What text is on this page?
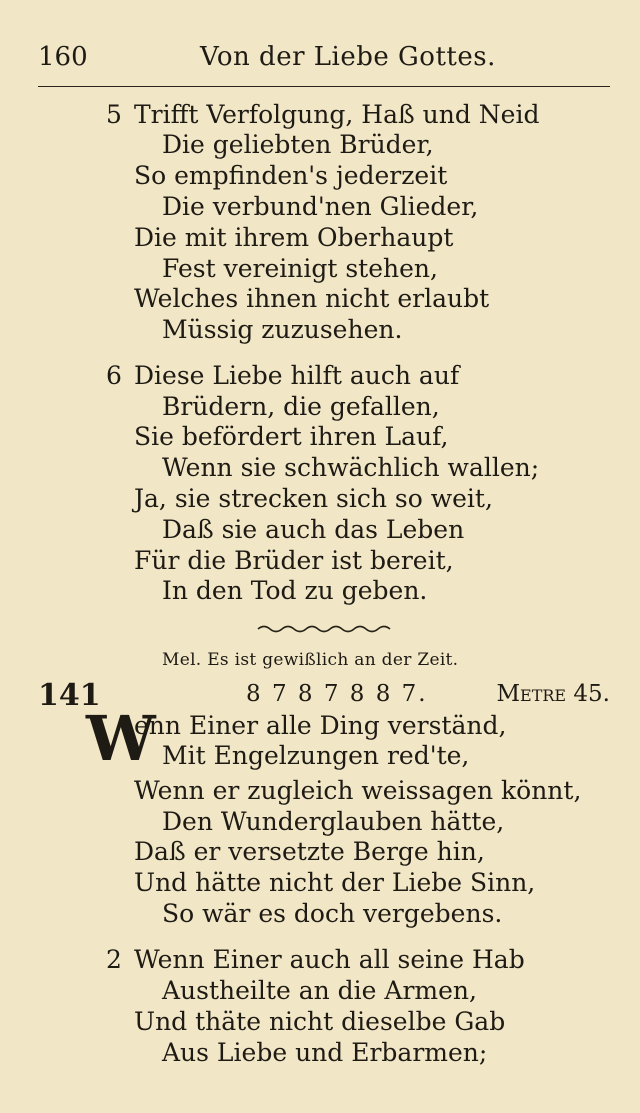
160	Von der Liebe Gottes.
5 Trifft Verfolgung, Haß und Neid
Die geliebten Brüder,
So empfinden's jederzeit
Die verbund'nen Glieder,
Die mit ihrem Oberhaupt
Fest vereinigt stehen,
Welches ihnen nicht erlaubt
Müssig zuzusehen.
6 Diese Liebe hilft auch auf
Brüdern, die gefallen,
Sie befördert ihren Lauf,
Wenn sie schwächlich wallen;
Ja, sie strecken sich so weit,
Daß sie auch das Leben
Für die Brüder ist bereit,
In den Tod zu geben.
Mel. Es ist gewißlich an der Zeit.
141	8 7 8 7 8 8 7.	Metre 45.
W
enn Einer alle Ding verständ,
Mit Engelzungen red'te,
Wenn er zugleich weissagen könnt,
Den Wunderglauben hätte,
Daß er versetzte Berge hin,
Und hätte nicht der Liebe Sinn,
So wär es doch vergebens.
2 Wenn Einer auch all seine Hab
Austheilte an die Armen,
Und thäte nicht dieselbe Gab
Aus Liebe und Erbarmen;
